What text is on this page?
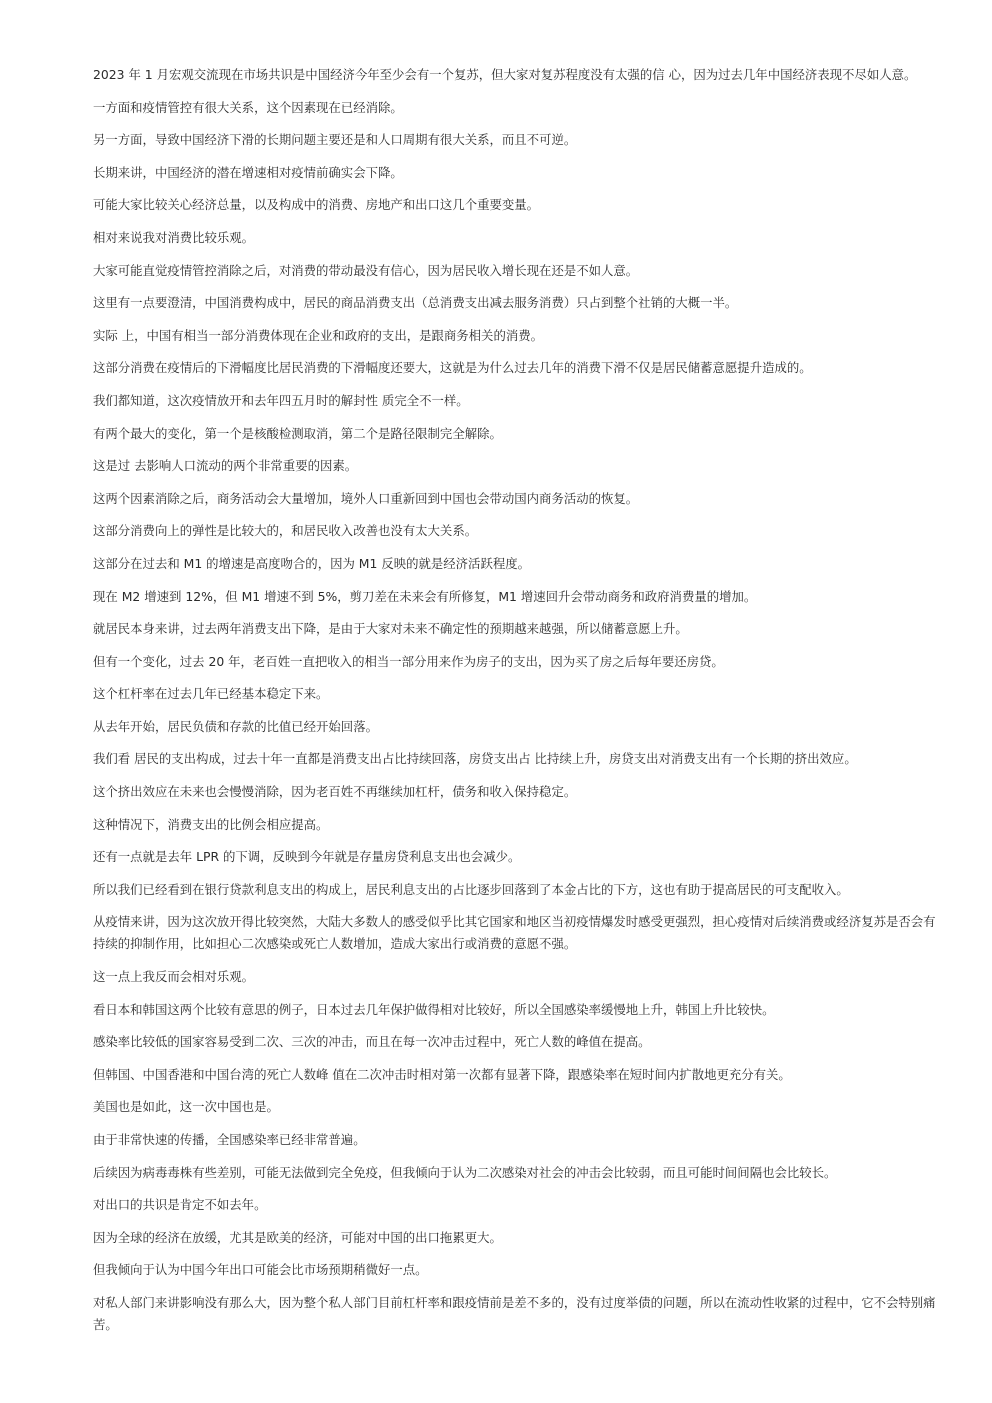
2023 年 1 月宏观交流现在市场共识是中国经济今年至少会有一个复苏，但大家对复苏程度没有太强的信 心，因为过去几年中国经济表现不尽如人意。

一方面和疫情管控有很大关系，这个因素现在已经消除。

另一方面，导致中国经济下滑的长期问题主要还是和人口周期有很大关系，而且不可逆。

长期来讲，中国经济的潜在增速相对疫情前确实会下降。

可能大家比较关心经济总量，以及构成中的消费、房地产和出口这几个重要变量。

相对来说我对消费比较乐观。

大家可能直觉疫情管控消除之后，对消费的带动最没有信心，因为居民收入增长现在还是不如人意。

这里有一点要澄清，中国消费构成中，居民的商品消费支出（总消费支出减去服务消费）只占到整个社销的大概一半。

实际 上，中国有相当一部分消费体现在企业和政府的支出，是跟商务相关的消费。

这部分消费在疫情后的下滑幅度比居民消费的下滑幅度还要大，这就是为什么过去几年的消费下滑不仅是居民储蓄意愿提升造成的。

我们都知道，这次疫情放开和去年四五月时的解封性 质完全不一样。

有两个最大的变化，第一个是核酸检测取消，第二个是路径限制完全解除。

这是过 去影响人口流动的两个非常重要的因素。

这两个因素消除之后，商务活动会大量增加，境外人口重新回到中国也会带动国内商务活动的恢复。

这部分消费向上的弹性是比较大的，和居民收入改善也没有太大关系。

这部分在过去和 M1 的增速是高度吻合的，因为 M1 反映的就是经济活跃程度。

现在 M2 增速到 12%，但 M1 增速不到 5%，剪刀差在未来会有所修复，M1 增速回升会带动商务和政府消费量的增加。

就居民本身来讲，过去两年消费支出下降，是由于大家对未来不确定性的预期越来越强，所以储蓄意愿上升。

但有一个变化，过去 20 年，老百姓一直把收入的相当一部分用来作为房子的支出，因为买了房之后每年要还房贷。

这个杠杆率在过去几年已经基本稳定下来。

从去年开始，居民负债和存款的比值已经开始回落。

我们看 居民的支出构成，过去十年一直都是消费支出占比持续回落，房贷支出占 比持续上升，房贷支出对消费支出有一个长期的挤出效应。

这个挤出效应在未来也会慢慢消除，因为老百姓不再继续加杠杆，债务和收入保持稳定。

这种情况下，消费支出的比例会相应提高。

还有一点就是去年 LPR 的下调，反映到今年就是存量房贷利息支出也会减少。

所以我们已经看到在银行贷款利息支出的构成上，居民利息支出的占比逐步回落到了本金占比的下方，这也有助于提高居民的可支配收入。

从疫情来讲，因为这次放开得比较突然，大陆大多数人的感受似乎比其它国家和地区当初疫情爆发时感受更强烈，担心疫情对后续消费或经济复苏是否会有持续的抑制作用，比如担心二次感染或死亡人数增加，造成大家出行或消费的意愿不强。

这一点上我反而会相对乐观。

看日本和韩国这两个比较有意思的例子，日本过去几年保护做得相对比较好，所以全国感染率缓慢地上升，韩国上升比较快。

感染率比较低的国家容易受到二次、三次的冲击，而且在每一次冲击过程中，死亡人数的峰值在提高。

但韩国、中国香港和中国台湾的死亡人数峰 值在二次冲击时相对第一次都有显著下降，跟感染率在短时间内扩散地更充分有关。

美国也是如此，这一次中国也是。

由于非常快速的传播，全国感染率已经非常普遍。

后续因为病毒毒株有些差别，可能无法做到完全免疫，但我倾向于认为二次感染对社会的冲击会比较弱，而且可能时间间隔也会比较长。

对出口的共识是肯定不如去年。

因为全球的经济在放缓，尤其是欧美的经济，可能对中国的出口拖累更大。

但我倾向于认为中国今年出口可能会比市场预期稍微好一点。

对私人部门来讲影响没有那么大，因为整个私人部门目前杠杆率和跟疫情前是差不多的，没有过度举债的问题，所以在流动性收紧的过程中，它不会特别痛苦。
